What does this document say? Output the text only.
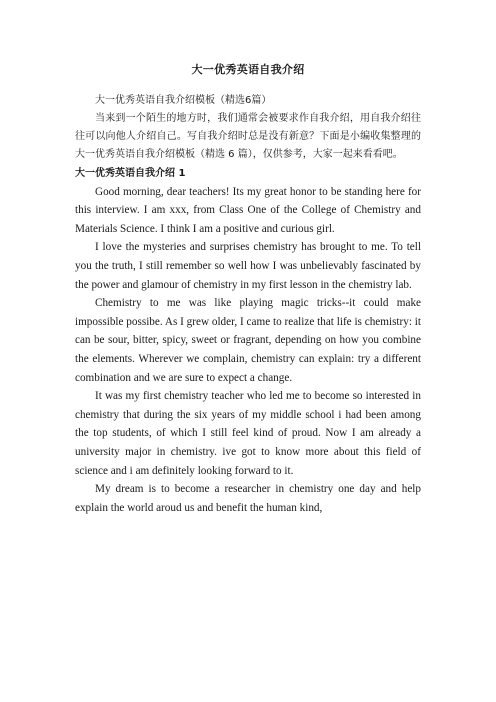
大一优秀英语自我介绍

大一优秀英语自我介绍模板（精选6篇）

当来到一个陌生的地方时，我们通常会被要求作自我介绍，用自我介绍往往可以向他人介绍自己。写自我介绍时总是没有新意？下面是小编收集整理的大一优秀英语自我介绍模板（精选 6 篇），仅供参考，大家一起来看看吧。

大一优秀英语自我介绍 1

Good morning, dear teachers! Its my great honor to be standing here for this interview. I am xxx, from Class One of the College of Chemistry and Materials Science. I think I am a positive and curious girl.

I love the mysteries and surprises chemistry has brought to me. To tell you the truth, I still remember so well how I was unbelievably fascinated by the power and glamour of chemistry in my first lesson in the chemistry lab.

Chemistry to me was like playing magic tricks--it could make impossible possibe. As I grew older, I came to realize that life is chemistry: it can be sour, bitter, spicy, sweet or fragrant, depending on how you combine the elements. Wherever we complain, chemistry can explain: try a different combination and we are sure to expect a change.

It was my first chemistry teacher who led me to become so interested in chemistry that during the six years of my middle school i had been among the top students, of which I still feel kind of proud. Now I am already a university major in chemistry. ive got to know more about this field of science and i am definitely looking forward to it.

My dream is to become a researcher in chemistry one day and help explain the world aroud us and benefit the human kind,
